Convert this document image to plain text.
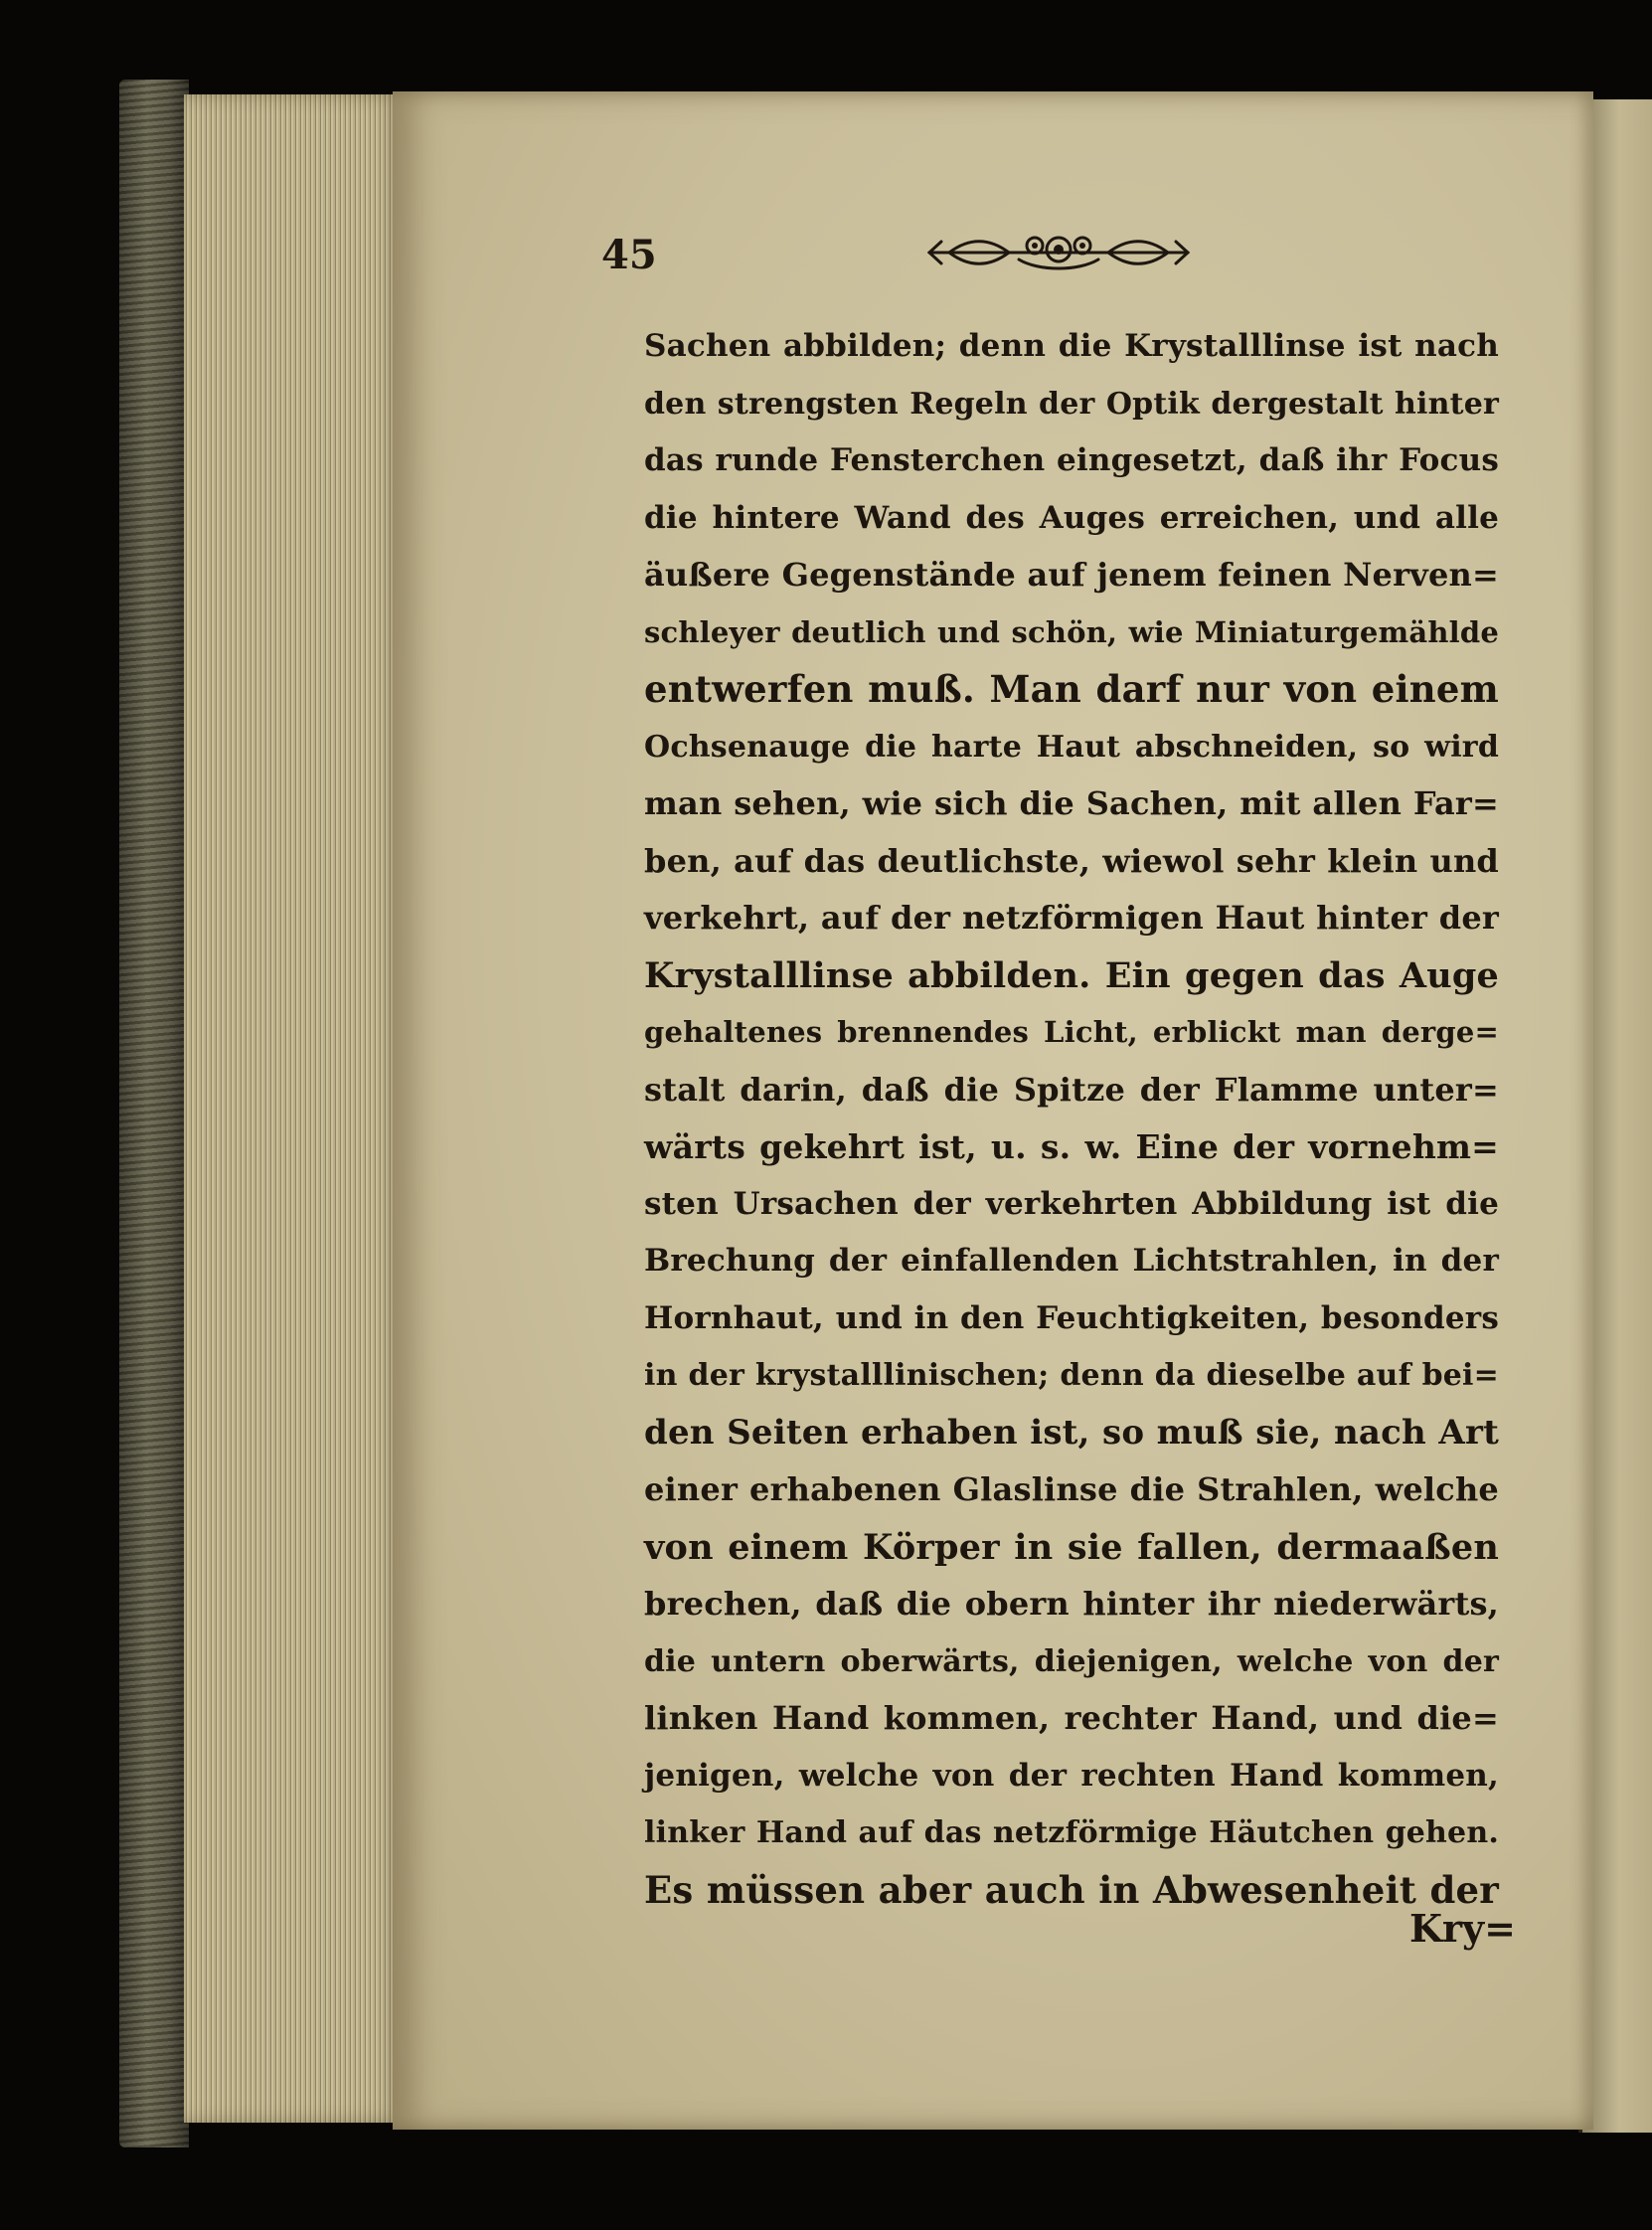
45
Sachen abbilden; denn die Krystalllinse ist nach
den strengsten Regeln der Optik dergestalt hinter
das runde Fensterchen eingesetzt, daß ihr Focus
die hintere Wand des Auges erreichen, und alle
äußere Gegenstände auf jenem feinen Nerven=
schleyer deutlich und schön, wie Miniaturgemählde
entwerfen muß. Man darf nur von einem
Ochsenauge die harte Haut abschneiden, so wird
man sehen, wie sich die Sachen, mit allen Far=
ben, auf das deutlichste, wiewol sehr klein und
verkehrt, auf der netzförmigen Haut hinter der
Krystalllinse abbilden. Ein gegen das Auge
gehaltenes brennendes Licht, erblickt man derge=
stalt darin, daß die Spitze der Flamme unter=
wärts gekehrt ist, u. s. w. Eine der vornehm=
sten Ursachen der verkehrten Abbildung ist die
Brechung der einfallenden Lichtstrahlen, in der
Hornhaut, und in den Feuchtigkeiten, besonders
in der krystalllinischen; denn da dieselbe auf bei=
den Seiten erhaben ist, so muß sie, nach Art
einer erhabenen Glaslinse die Strahlen, welche
von einem Körper in sie fallen, dermaaßen
brechen, daß die obern hinter ihr niederwärts,
die untern oberwärts, diejenigen, welche von der
linken Hand kommen, rechter Hand, und die=
jenigen, welche von der rechten Hand kommen,
linker Hand auf das netzförmige Häutchen gehen.
Es müssen aber auch in Abwesenheit der
Kry=
